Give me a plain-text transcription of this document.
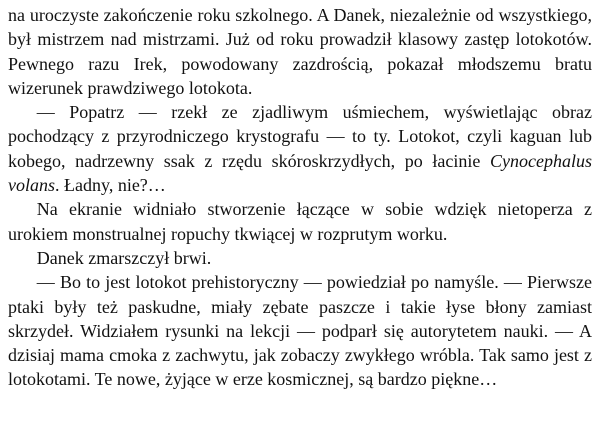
na uroczyste zakończenie roku szkolnego. A Danek, niezależnie od wszystkiego, był mistrzem nad mistrzami. Już od roku prowadził klasowy zastęp lotokotów. Pewnego razu Irek, powodowany zazdrością, pokazał młodszemu bratu wizerunek prawdziwego lotokota.

— Popatrz — rzekł ze zjadliwym uśmiechem, wyświetlając obraz pochodzący z przyrodniczego krystografu — to ty. Lotokot, czyli kaguan lub kobego, nadrzewny ssak z rzędu skóroskrzydłych, po łacinie Cynocephalus volans. Ładny, nie?…

Na ekranie widniało stworzenie łączące w sobie wdzięk nietoperza z urokiem monstrualnej ropuchy tkwiącej w rozprutym worku.

Danek zmarszczył brwi.

— Bo to jest lotokot prehistoryczny — powiedział po namyśle. — Pierwsze ptaki były też paskudne, miały zębate paszcze i takie łyse błony zamiast skrzydeł. Widziałem rysunki na lekcji — podparł się autorytetem nauki. — A dzisiaj mama cmoka z zachwytu, jak zobaczy zwykłego wróbla. Tak samo jest z lotokotami. Te nowe, żyjące w erze kosmicznej, są bardzo piękne…
